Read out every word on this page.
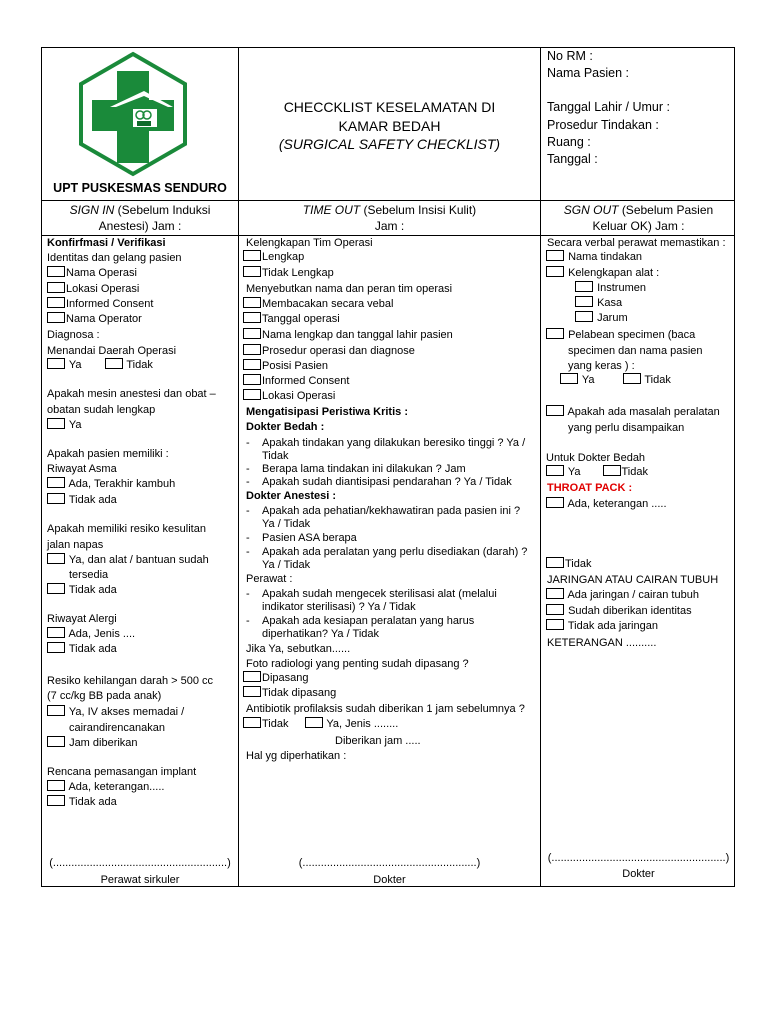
UPT PUSKESMAS SENDURO
CHECCKLIST KESELAMATAN DI
KAMAR BEDAH
(SURGICAL SAFETY CHECKLIST)
No RM :
Nama Pasien :
Tanggal Lahir / Umur :
Prosedur Tindakan :
Ruang :
Tanggal :
SIGN IN (Sebelum Induksi
Anestesi) Jam :
TIME OUT (Sebelum Insisi Kulit)
Jam :
SGN OUT (Sebelum Pasien
Keluar OK) Jam :
Konfirfmasi / Verifikasi
Identitas dan gelang pasien
Nama Operasi
Lokasi Operasi
Informed Consent
Nama Operator
Diagnosa :
Menandai Daerah Operasi
Ya	Tidak
Apakah mesin anestesi dan obat –
obatan sudah lengkap
Ya
Apakah pasien memiliki :
Riwayat Asma
Ada, Terakhir kambuh
Tidak ada
Apakah memiliki resiko kesulitan
jalan napas
Ya, dan alat / bantuan sudah
tersedia
Tidak ada
Riwayat Alergi
Ada, Jenis ....
Tidak ada
Resiko kehilangan darah > 500 cc
(7 cc/kg BB pada anak)
Ya, IV akses memadai /
cairandirencanakan
Jam diberikan
Rencana pemasangan implant
Ada, keterangan.....
Tidak ada
(.........................................................)
Perawat sirkuler
Kelengkapan Tim Operasi
Lengkap
Tidak Lengkap
Menyebutkan nama dan peran tim operasi
Membacakan secara vebal
Tanggal operasi
Nama lengkap dan tanggal lahir pasien
Prosedur operasi dan diagnose
Posisi Pasien
Informed Consent
Lokasi Operasi
Mengatisipasi Peristiwa Kritis :
Dokter Bedah :
- Apakah tindakan yang dilakukan beresiko tinggi ? Ya /
Tidak
- Berapa lama tindakan ini dilakukan ? Jam
- Apakah sudah diantisipasi pendarahan ? Ya / Tidak
Dokter Anestesi :
- Apakah ada pehatian/kekhawatiran pada pasien ini ?
Ya / Tidak
- Pasien ASA berapa
- Apakah ada peralatan yang perlu disediakan (darah) ?
Ya / Tidak
Perawat :
- Apakah sudah mengecek sterilisasi alat (melalui
indikator sterilisasi) ? Ya / Tidak
- Apakah ada kesiapan peralatan yang harus
diperhatikan? Ya / Tidak
Jika Ya, sebutkan......
Foto radiologi yang penting sudah dipasang ?
Dipasang
Tidak dipasang
Antibiotik profilaksis sudah diberikan 1 jam sebelumnya ?
Tidak	Ya, Jenis ........
Diberikan jam .....
Hal yg diperhatikan :
(.........................................................)
Dokter
Secara verbal perawat memastikan :
Nama tindakan
Kelengkapan alat :
Instrumen
Kasa
Jarum
Pelabean specimen (baca
specimen dan nama pasien
yang keras ) :
Ya	Tidak
Apakah ada masalah peralatan
yang perlu disampaikan
Untuk Dokter Bedah
Ya	Tidak
THROAT PACK :
Ada, keterangan .....
Tidak
JARINGAN ATAU CAIRAN TUBUH
Ada jaringan / cairan tubuh
Sudah diberikan identitas
Tidak ada jaringan
KETERANGAN ..........
(.........................................................)
Dokter
